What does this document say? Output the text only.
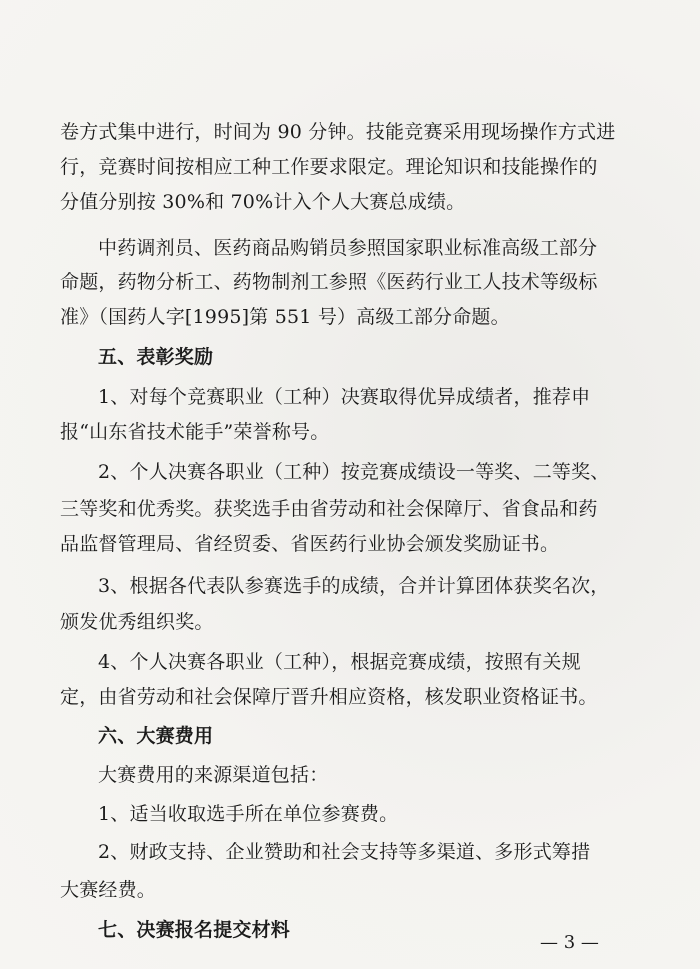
卷方式集中进行，时间为 90 分钟。技能竞赛采用现场操作方式进
行，竞赛时间按相应工种工作要求限定。理论知识和技能操作的
分值分别按 30%和 70%计入个人大赛总成绩。
中药调剂员、医药商品购销员参照国家职业标准高级工部分
命题，药物分析工、药物制剂工参照《医药行业工人技术等级标
准》（国药人字[1995]第 551 号）高级工部分命题。
五、表彰奖励
1、对每个竞赛职业（工种）决赛取得优异成绩者，推荐申
报“山东省技术能手”荣誉称号。
2、个人决赛各职业（工种）按竞赛成绩设一等奖、二等奖、
三等奖和优秀奖。获奖选手由省劳动和社会保障厅、省食品和药
品监督管理局、省经贸委、省医药行业协会颁发奖励证书。
3、根据各代表队参赛选手的成绩，合并计算团体获奖名次，
颁发优秀组织奖。
4、个人决赛各职业（工种），根据竞赛成绩，按照有关规
定，由省劳动和社会保障厅晋升相应资格，核发职业资格证书。
六、大赛费用
大赛费用的来源渠道包括：
1、适当收取选手所在单位参赛费。
2、财政支持、企业赞助和社会支持等多渠道、多形式筹措
大赛经费。
七、决赛报名提交材料
— 3 —
